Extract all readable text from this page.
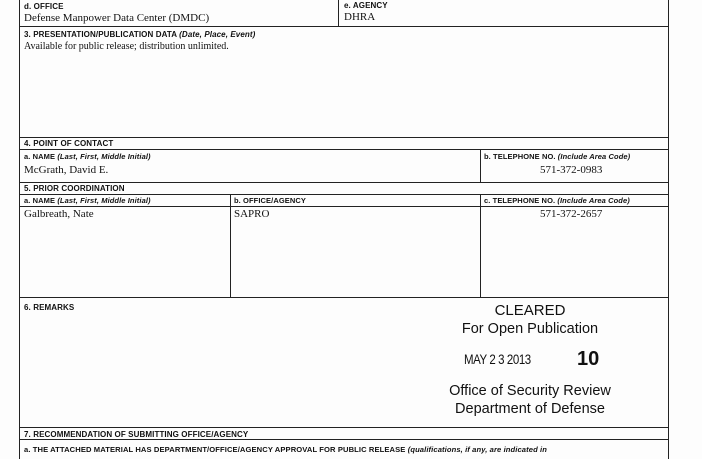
d. OFFICE
Defense Manpower Data Center (DMDC)
e. AGENCY
DHRA
3. PRESENTATION/PUBLICATION DATA (Date, Place, Event)
Available for public release; distribution unlimited.
4. POINT OF CONTACT
a. NAME (Last, First, Middle Initial)
McGrath, David E.
b. TELEPHONE NO. (Include Area Code)
571-372-0983
5. PRIOR COORDINATION
a. NAME (Last, First, Middle Initial)	b. OFFICE/AGENCY	c. TELEPHONE NO. (Include Area Code)
Galbreath, Nate	SAPRO	571-372-2657
6. REMARKS	CLEARED
For Open Publication
MAY 2 3 2013 10
Office of Security Review
Department of Defense
7. RECOMMENDATION OF SUBMITTING OFFICE/AGENCY
a. THE ATTACHED MATERIAL HAS DEPARTMENT/OFFICE/AGENCY APPROVAL FOR PUBLIC RELEASE (qualifications, if any, are indicated in
